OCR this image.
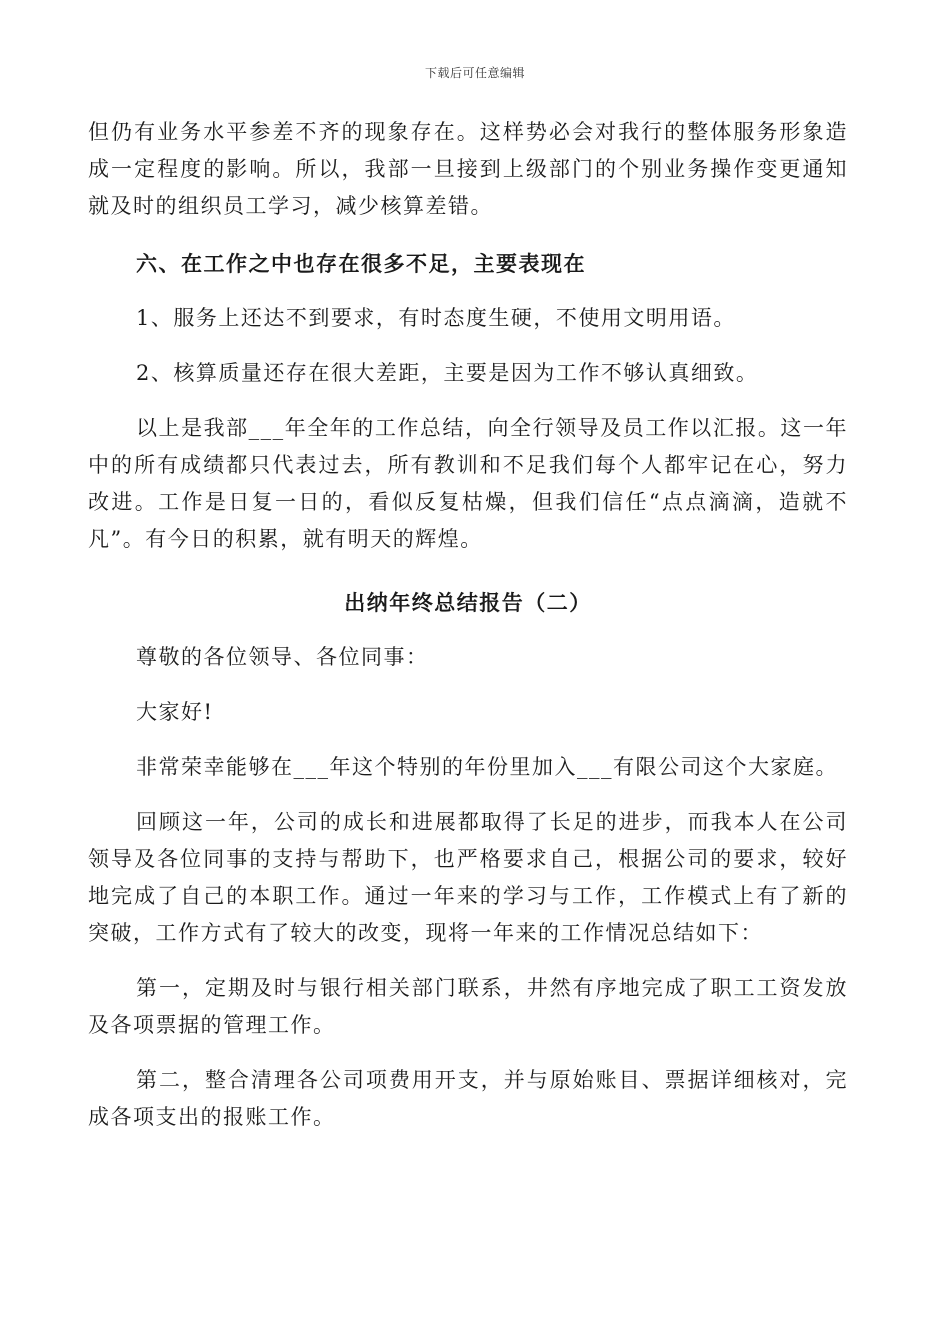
下载后可任意编辑

但仍有业务水平参差不齐的现象存在。这样势必会对我行的整体服务形象造成一定程度的影响。所以，我部一旦接到上级部门的个别业务操作变更通知就及时的组织员工学习，减少核算差错。

六、在工作之中也存在很多不足，主要表现在

1、服务上还达不到要求，有时态度生硬，不使用文明用语。

2、核算质量还存在很大差距，主要是因为工作不够认真细致。

以上是我部___年全年的工作总结，向全行领导及员工作以汇报。这一年中的所有成绩都只代表过去，所有教训和不足我们每个人都牢记在心，努力改进。工作是日复一日的，看似反复枯燥，但我们信任“点点滴滴，造就不凡”。有今日的积累，就有明天的辉煌。

出纳年终总结报告（二）

尊敬的各位领导、各位同事：

大家好!

非常荣幸能够在___年这个特别的年份里加入___有限公司这个大家庭。

回顾这一年，公司的成长和进展都取得了长足的进步，而我本人在公司领导及各位同事的支持与帮助下，也严格要求自己，根据公司的要求，较好地完成了自己的本职工作。通过一年来的学习与工作，工作模式上有了新的突破，工作方式有了较大的改变，现将一年来的工作情况总结如下：

第一，定期及时与银行相关部门联系，井然有序地完成了职工工资发放及各项票据的管理工作。

第二，整合清理各公司项费用开支，并与原始账目、票据详细核对，完成各项支出的报账工作。
